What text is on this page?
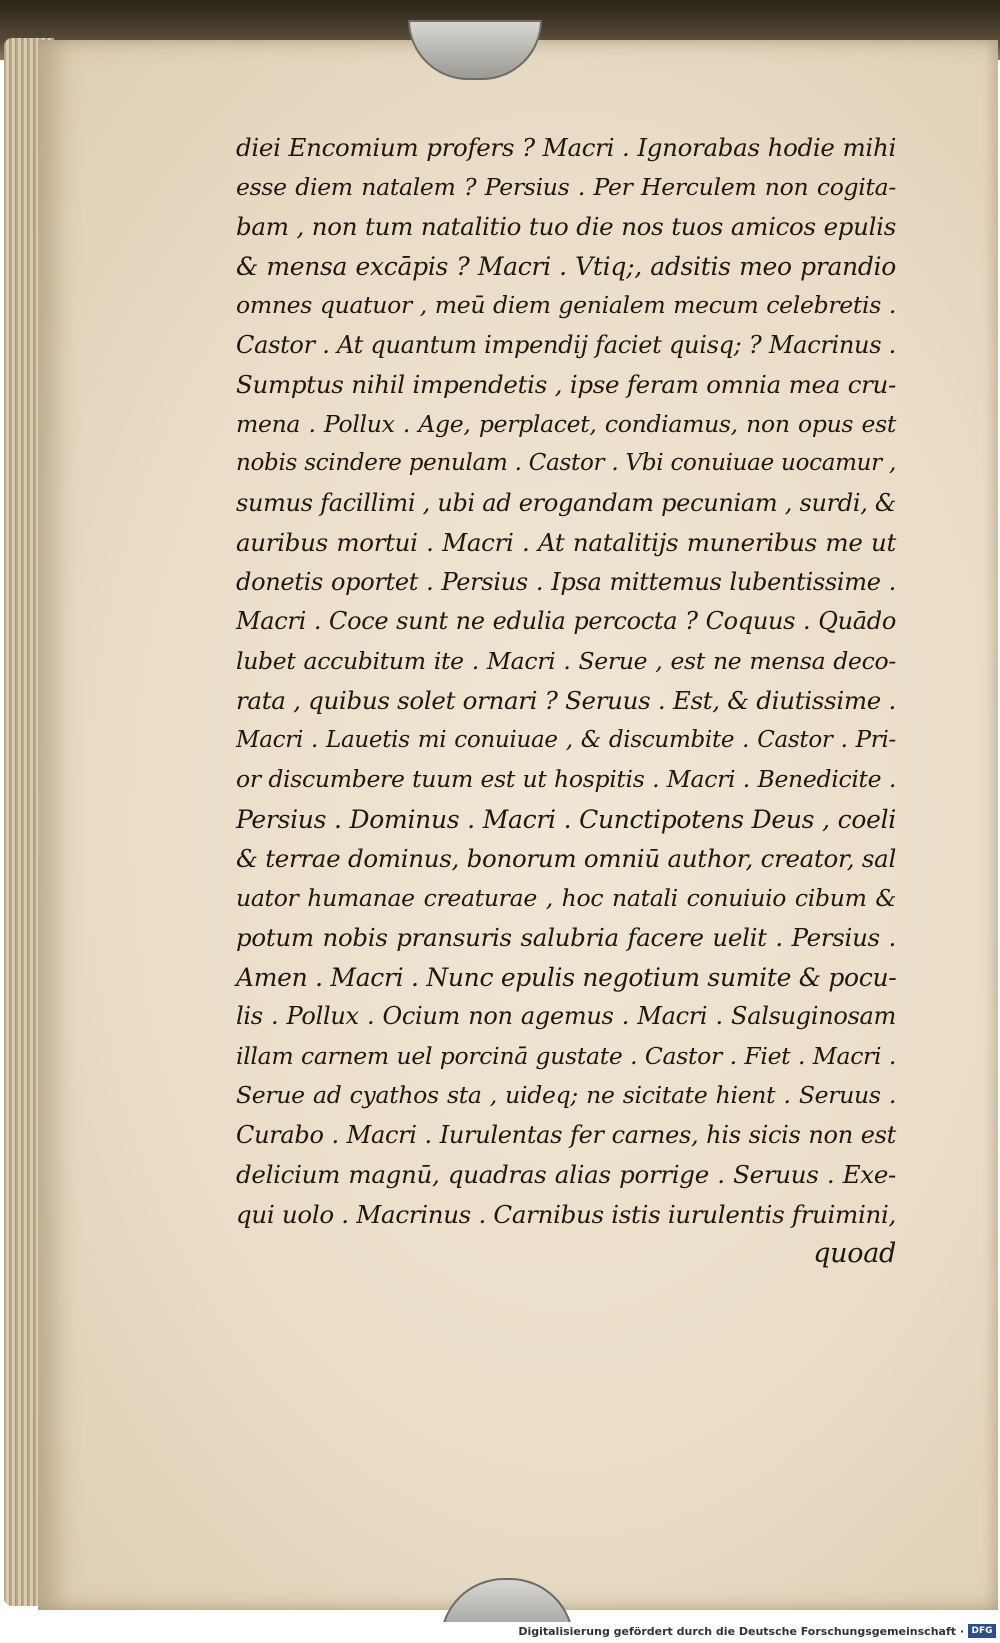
diei Encomium profers ? Macri . Ignorabas hodie mihi
esse diem natalem ? Persius . Per Herculem non cogita-
bam , non tum natalitio tuo die nos tuos amicos epulis
& mensa excāpis ? Macri . Vtiq;, adsitis meo prandio
omnes quatuor , meū diem genialem mecum celebretis .
Castor . At quantum impendij faciet quisq; ? Macrinus .
Sumptus nihil impendetis , ipse feram omnia mea cru-
mena . Pollux . Age, perplacet, condiamus, non opus est
nobis scindere penulam . Castor . Vbi conuiuae uocamur ,
sumus facillimi , ubi ad erogandam pecuniam , surdi, &
auribus mortui . Macri . At natalitijs muneribus me ut
donetis oportet . Persius . Ipsa mittemus lubentissime .
Macri . Coce sunt ne edulia percocta ? Coquus . Quādo
lubet accubitum ite . Macri . Serue , est ne mensa deco-
rata , quibus solet ornari ? Seruus . Est, & diutissime .
Macri . Lauetis mi conuiuae , & discumbite . Castor . Pri-
or discumbere tuum est ut hospitis . Macri . Benedicite .
Persius . Dominus . Macri . Cunctipotens Deus , coeli
& terrae dominus, bonorum omniū author, creator, sal
uator humanae creaturae , hoc natali conuiuio cibum &
potum nobis pransuris salubria facere uelit . Persius .
Amen . Macri . Nunc epulis negotium sumite & pocu-
lis . Pollux . Ocium non agemus . Macri . Salsuginosam
illam carnem uel porcinā gustate . Castor . Fiet . Macri .
Serue ad cyathos sta , uideq; ne sicitate hient . Seruus .
Curabo . Macri . Iurulentas fer carnes, his sicis non est
delicium magnū, quadras alias porrige . Seruus . Exe-
qui uolo . Macrinus . Carnibus istis iurulentis fruimini,
quoad
Digitalisierung gefördert durch die Deutsche Forschungsgemeinschaft · DFG
